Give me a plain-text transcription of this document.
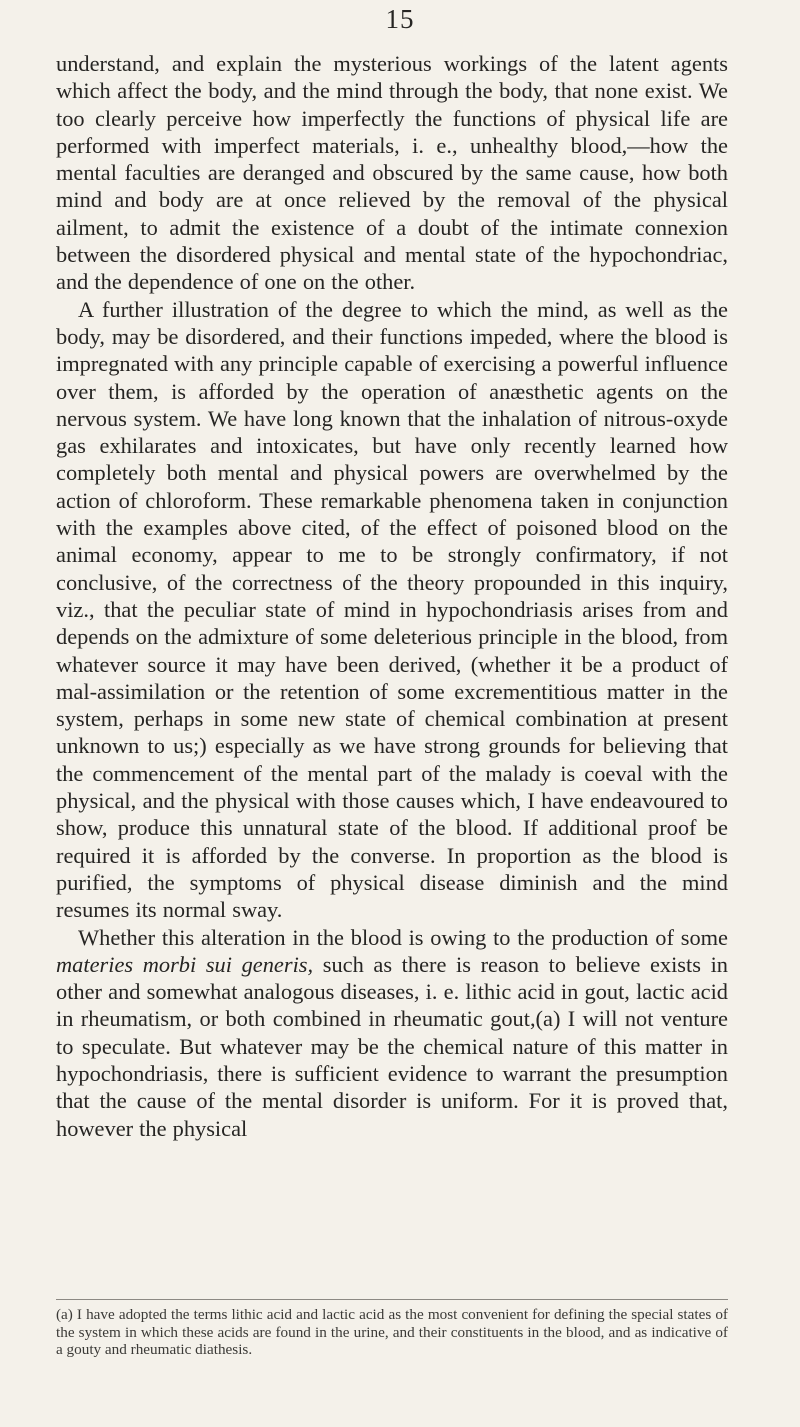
15

understand, and explain the mysterious workings of the latent agents which affect the body, and the mind through the body, that none exist. We too clearly perceive how imperfectly the functions of physical life are performed with imperfect materials, i. e., unhealthy blood,—how the mental faculties are deranged and obscured by the same cause, how both mind and body are at once relieved by the removal of the physical ailment, to admit the existence of a doubt of the intimate connexion between the disordered physical and mental state of the hypochondriac, and the dependence of one on the other.

A further illustration of the degree to which the mind, as well as the body, may be disordered, and their functions impeded, where the blood is impregnated with any principle capable of exercising a powerful influence over them, is afforded by the operation of anæsthetic agents on the nervous system. We have long known that the inhalation of nitrous-oxyde gas exhilarates and intoxicates, but have only recently learned how completely both mental and physical powers are overwhelmed by the action of chloroform. These remarkable phenomena taken in conjunction with the examples above cited, of the effect of poisoned blood on the animal economy, appear to me to be strongly confirmatory, if not conclusive, of the correctness of the theory propounded in this inquiry, viz., that the peculiar state of mind in hypochondriasis arises from and depends on the admixture of some deleterious principle in the blood, from whatever source it may have been derived, (whether it be a product of mal-assimilation or the retention of some excrementitious matter in the system, perhaps in some new state of chemical combination at present unknown to us;) especially as we have strong grounds for believing that the commencement of the mental part of the malady is coeval with the physical, and the physical with those causes which, I have endeavoured to show, produce this unnatural state of the blood. If additional proof be required it is afforded by the converse. In proportion as the blood is purified, the symptoms of physical disease diminish and the mind resumes its normal sway.

Whether this alteration in the blood is owing to the production of some materies morbi sui generis, such as there is reason to believe exists in other and somewhat analogous diseases, i. e. lithic acid in gout, lactic acid in rheumatism, or both combined in rheumatic gout,(a) I will not venture to speculate. But whatever may be the chemical nature of this matter in hypochondriasis, there is sufficient evidence to warrant the presumption that the cause of the mental disorder is uniform. For it is proved that, however the physical

(a) I have adopted the terms lithic acid and lactic acid as the most convenient for defining the special states of the system in which these acids are found in the urine, and their constituents in the blood, and as indicative of a gouty and rheumatic diathesis.
